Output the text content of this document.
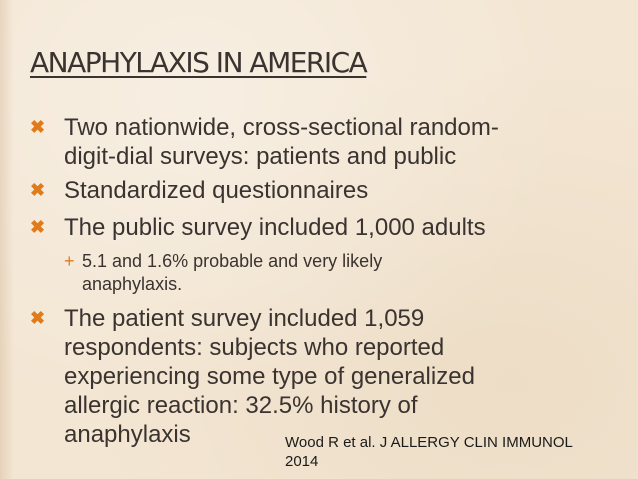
ANAPHYLAXIS IN AMERICA
✖ Two nationwide, cross-sectional random-
digit-dial surveys: patients and public
✖ Standardized questionnaires
✖ The public survey included 1,000 adults
+ 5.1 and 1.6% probable and very likely
anaphylaxis.
✖ The patient survey included 1,059
respondents: subjects who reported
experiencing some type of generalized
allergic reaction: 32.5% history of
anaphylaxis	Wood R et al. J ALLERGY CLIN IMMUNOL
2014
